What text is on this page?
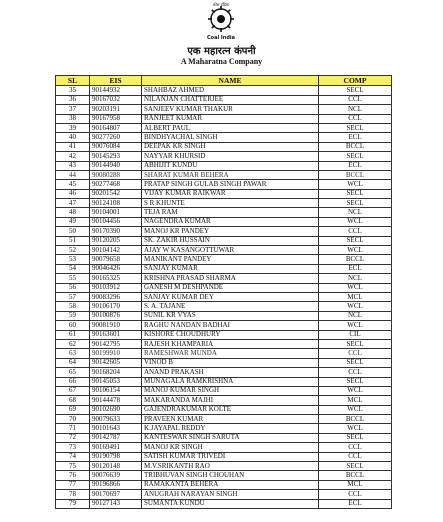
कोल इंडिया
Coal India
एक महारत्न कंपनी
A Maharatna Company
SL	EIS	NAME	COMP
35	90144932	SHAHBAZ AHMED	SECL
36	90167032	NILANJAN CHATTERJEE	CCL
37	90203191	SANJEEV KUMAR THAKUR	NCL
38	90167958	RANJEET KUMAR	CCL
39	90164807	ALBERT PAUL	SECL
40	90277260	BINDHYACHAL SINGH	ECL
41	90076084	DEEPAK KR SINGH	BCCL
42	90145293	NAYYAR KHURSID	SECL
43	90144940	ABHIJIT KUNDU	ECL
44	90080288	SHARAT KUMAR BEHERA	BCCL
45	90277468	PRATAP SINGH GULAB SINGH PAWAR	WCL
46	90201542	VIJAY KUMAR RAIKWAR	SECL
47	90124108	S R KHUNTE	SECL
48	90104001	TEJA RAM	NCL
49	90104456	NAGENDRA KUMAR	WCL
50	90170390	MANOJ KR PANDEY	CCL
51	90120205	SK. ZAKIR HUSSAIN	SECL
52	90104142	AJAY W KASANGOTTUWAR	WCL
53	90079658	MANIKANT PANDEY	BCCL
54	90046426	SANJAY KUMAR	ECL
55	90165325	KRISHNA PRASAD SHARMA	NCL
56	90103912	GANESH M DESHPANDE	WCL
57	90083296	SANJAY KUMAR DEY	MCL
58	90106170	S. A. TAJANE	WCL
59	90100876	SUNIL KR VYAS	NCL
60	90081910	RAGHU NANDAN BADHAI	WCL
61	90163601	KISHORE CHOUDHURY	CIL
62	90142795	RAJESH KHAMPARIA	SECL
63	90199910	RAMESHWAR MUNDA	CCL
64	90142605	VINOD B	SECL
65	90168204	ANAND PRAKASH	CCL
66	90145053	MUNAGALA RAMKRISHNA	SECL
67	90106154	MANOJ KUMAR SINGH	WCL
68	90144478	MAKARANDA MAJHI	MCL
69	90102690	GAJENDRAKUMAR KOLTE	WCL
70	90079633	PRAVEEN KUMAR	BCCL
71	90101643	K.JAYAPAL REDDY	WCL
72	90142787	KANTESWAR SINGH SARUTA	SECL
73	90169491	MANOJ KR SINGH	CCL
74	90190798	SATISH KUMAR TRIVEDI	CCL
75	90120148	M.V.SRIKANTH RAO	SECL
76	90076639	TRIBHUVAN SINGH CHOUHAN	BCCL
77	90196866	RAMAKANTA BEHERA	MCL
78	90170697	ANUGRAH NARAYAN SINGH	CCL
79	90127143	SUMANTA KUNDU	ECL
